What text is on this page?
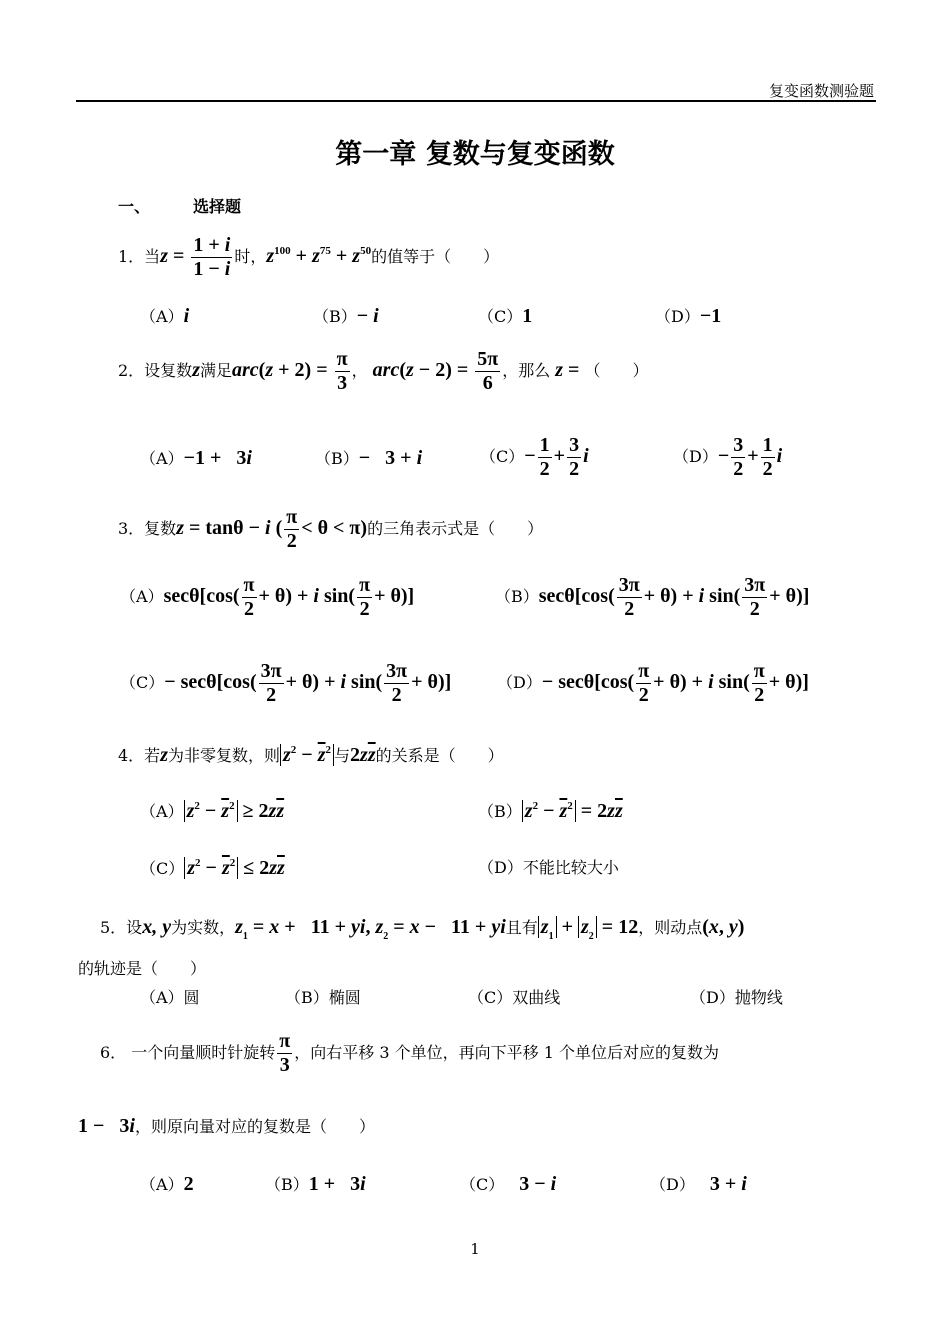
复变函数测验题
第一章 复数与复变函数
一、	选择题
1．当$z = \frac{1 + i}{1 - i}$ 时，$z^{100} + z^{75} + z^{50}$的值等于（　　）
（A）i	（B）− i	（C）1	（D）−1
2．设复数z满足$arc(z + 2) = \frac{\pi}{3}$ ， $arc(z - 2) = \frac{5\pi}{6}$ ，那么 z = （　　）
（A）−1 +   3i	（B）−   3 + i	$(C)- \frac{1}{2} + \frac{3}{2}$ i	$(D)- \frac{3}{2} + \frac{1}{2}$ i
3．复数z = tanθ − i ( $\frac{\pi}{2} < \theta < \pi$)的三角表示式是（　　）
$(A)\sec\theta[\cos( \frac{\pi}{2} + \theta) + i$ $\sin( \frac{\pi}{2} + \theta)$]	$(B)\sec\theta[\cos( \frac{3\pi}{2} + \theta) + i$ $\sin( \frac{3\pi}{2} + \theta)$]
$(C)- \sec\theta[\cos( \frac{3\pi}{2} + \theta) + i$ $\sin( \frac{3\pi}{2} + \theta)$]	$(D)- \sec\theta[\cos( \frac{\pi}{2} + \theta) + i$ $\sin( \frac{\pi}{2} + \theta)$]
4．若z为非零复数，则 $z^2 - \overline{z}^2$ 与$2z\overline{z}$的关系是（　　）
（A） $z^2 - \overline{z}^2 \ge 2z\overline{z}$	（B） $z^2 - \overline{z}^2 = 2z\overline{z}$
（C） $z^2 - \overline{z}^2 \le 2z\overline{z}$	（D）不能比较大小
5．设x, y为实数，$z_1 = x + 11$ + yi, $z_2 = x - 11$ + yi且有 $z_1 + z_2 = 12$，则动点(x, y)
的轨迹是（　　）
（A）圆	（B）椭圆	（C）双曲线	（D）抛物线
6． 一个向量顺时针旋转 $\frac{\pi}{3}$ ，向右平移 3 个单位，再向下平移 1 个单位后对应的复数为
1 −   3i，则原向量对应的复数是（　　）
（A）2	（B）1 +   3i	（C）   3 − i	（D）   3 + i
1
